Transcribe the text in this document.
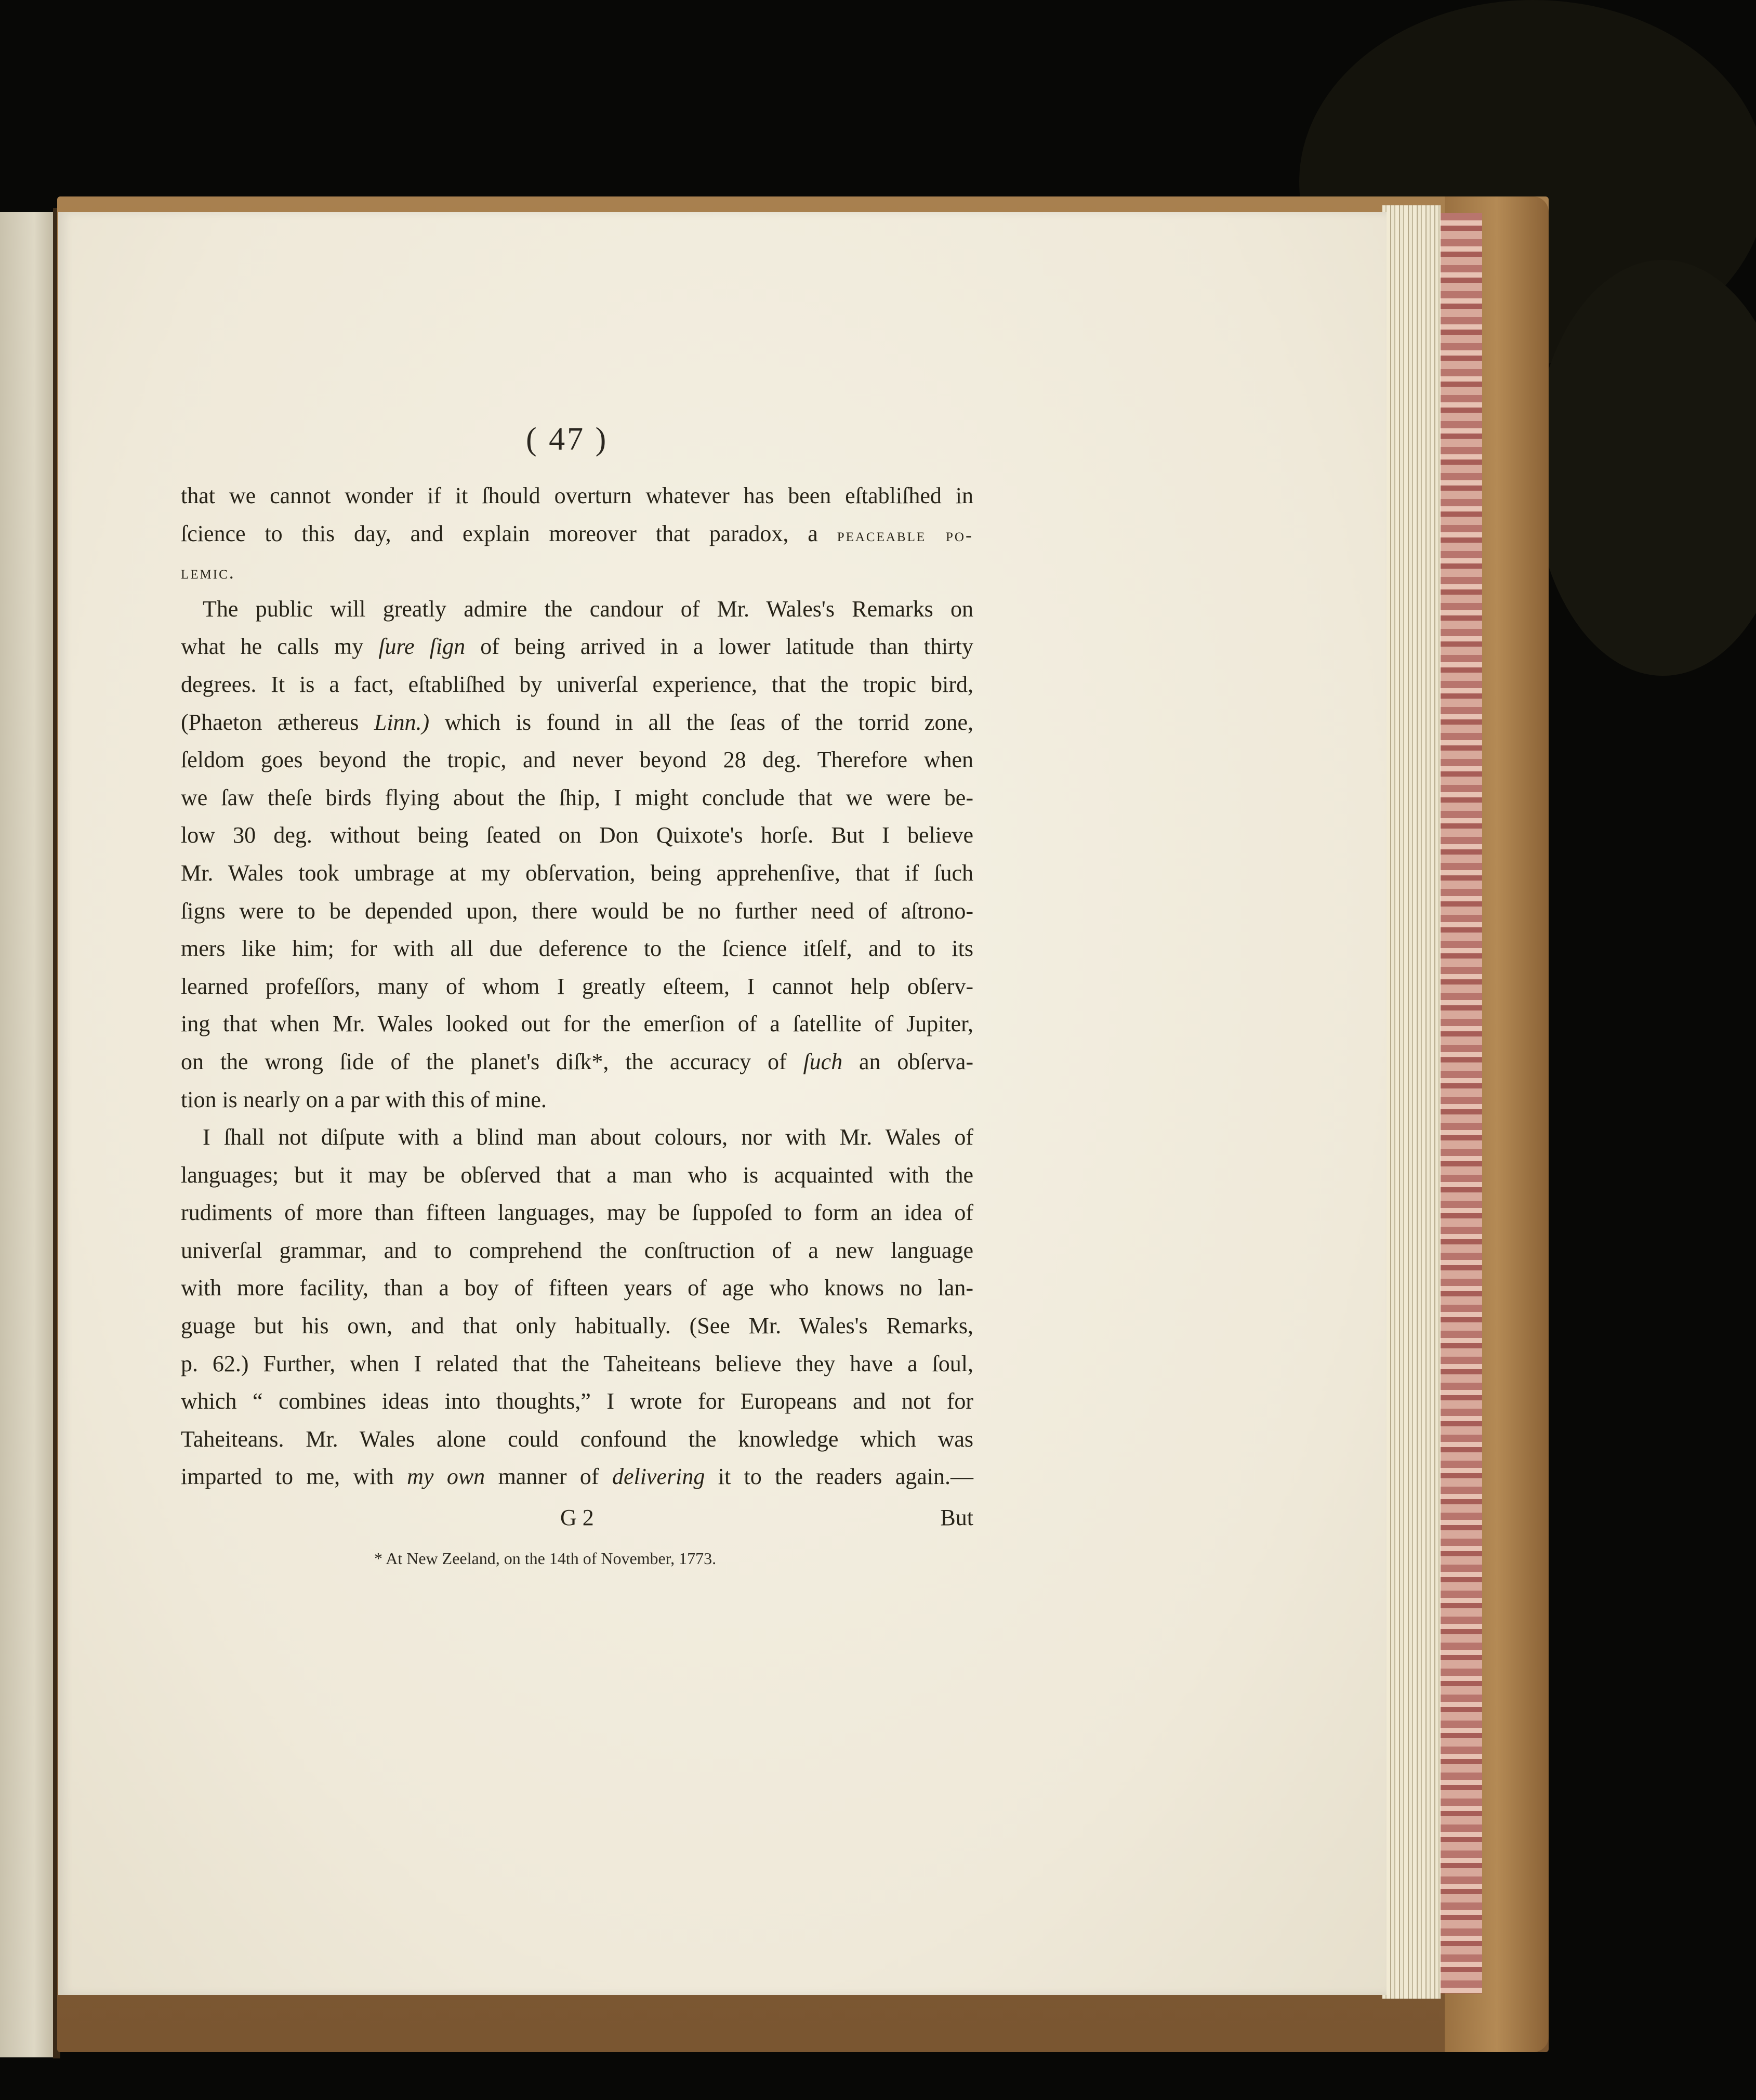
( 47 )
that we cannot wonder if it ſhould overturn whatever has been eſtabliſhed in
ſcience to this day, and explain moreover that paradox, a peaceable po-
lemic.
The public will greatly admire the candour of Mr. Wales's Remarks on
what he calls my ſure ſign of being arrived in a lower latitude than thirty
degrees. It is a fact, eſtabliſhed by univerſal experience, that the tropic bird,
(Phaeton æthereus Linn.) which is found in all the ſeas of the torrid zone,
ſeldom goes beyond the tropic, and never beyond 28 deg. Therefore when
we ſaw theſe birds flying about the ſhip, I might conclude that we were be-
low 30 deg. without being ſeated on Don Quixote's horſe. But I believe
Mr. Wales took umbrage at my obſervation, being apprehenſive, that if ſuch
ſigns were to be depended upon, there would be no further need of aſtrono-
mers like him; for with all due deference to the ſcience itſelf, and to its
learned profeſſors, many of whom I greatly eſteem, I cannot help obſerv-
ing that when Mr. Wales looked out for the emerſion of a ſatellite of Jupiter,
on the wrong ſide of the planet's diſk*, the accuracy of ſuch an obſerva-
tion is nearly on a par with this of mine.
I ſhall not diſpute with a blind man about colours, nor with Mr. Wales of
languages; but it may be obſerved that a man who is acquainted with the
rudiments of more than fifteen languages, may be ſuppoſed to form an idea of
univerſal grammar, and to comprehend the conſtruction of a new language
with more facility, than a boy of fifteen years of age who knows no lan-
guage but his own, and that only habitually. (See Mr. Wales's Remarks,
p. 62.) Further, when I related that the Taheiteans believe they have a ſoul,
which “ combines ideas into thoughts,” I wrote for Europeans and not for
Taheiteans. Mr. Wales alone could confound the knowledge which was
imparted to me, with my own manner of delivering it to the readers again.—
G 2	But
* At New Zeeland, on the 14th of November, 1773.
